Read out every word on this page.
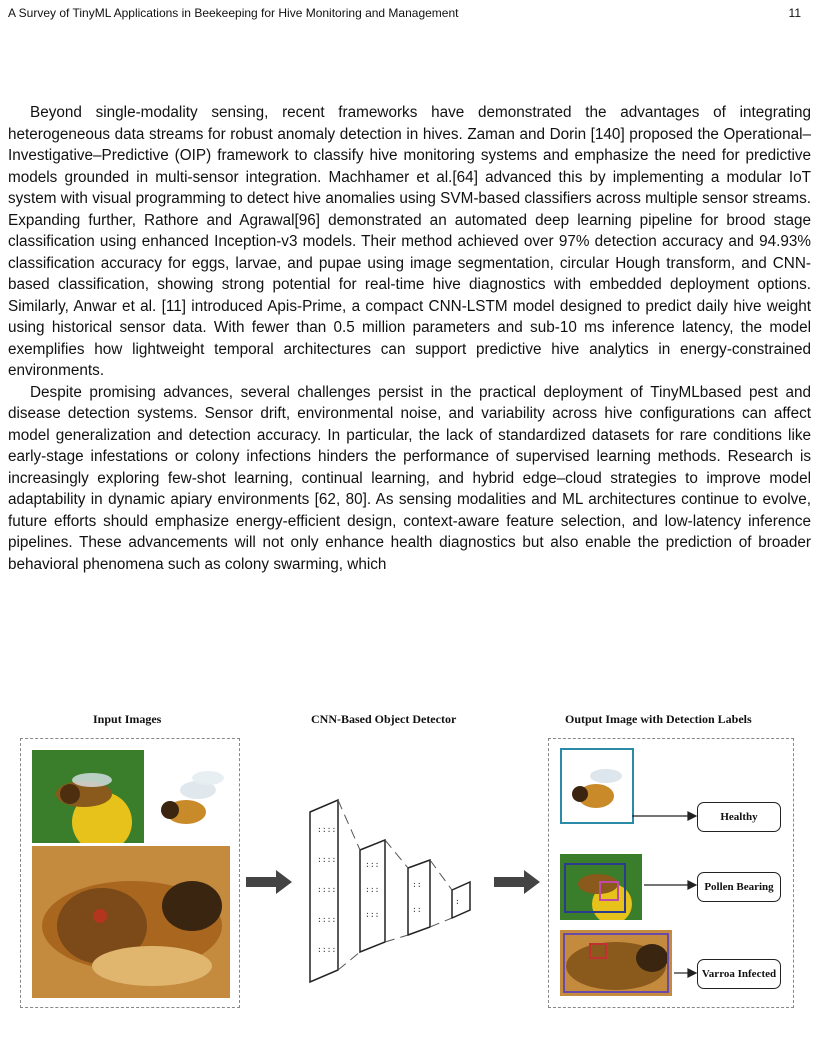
A Survey of TinyML Applications in Beekeeping for Hive Monitoring and Management	11

Beyond single-modality sensing, recent frameworks have demonstrated the advantages of integrating heterogeneous data streams for robust anomaly detection in hives. Zaman and Dorin [140] proposed the Operational–Investigative–Predictive (OIP) framework to classify hive monitoring systems and emphasize the need for predictive models grounded in multi-sensor integration. Machhamer et al.[64] advanced this by implementing a modular IoT system with visual programming to detect hive anomalies using SVM-based classifiers across multiple sensor streams. Expanding further, Rathore and Agrawal[96] demonstrated an automated deep learning pipeline for brood stage classification using enhanced Inception-v3 models. Their method achieved over 97% detection accuracy and 94.93% classification accuracy for eggs, larvae, and pupae using image segmentation, circular Hough transform, and CNN-based classification, showing strong potential for real-time hive diagnostics with embedded deployment options. Similarly, Anwar et al. [11] introduced Apis-Prime, a compact CNN-LSTM model designed to predict daily hive weight using historical sensor data. With fewer than 0.5 million parameters and sub-10 ms inference latency, the model exemplifies how lightweight temporal architectures can support predictive hive analytics in energy-constrained environments.

Despite promising advances, several challenges persist in the practical deployment of TinyMLbased pest and disease detection systems. Sensor drift, environmental noise, and variability across hive configurations can affect model generalization and detection accuracy. In particular, the lack of standardized datasets for rare conditions like early-stage infestations or colony infections hinders the performance of supervised learning methods. Research is increasingly exploring few-shot learning, continual learning, and hybrid edge–cloud strategies to improve model adaptability in dynamic apiary environments [62, 80]. As sensing modalities and ML architectures continue to evolve, future efforts should emphasize energy-efficient design, context-aware feature selection, and low-latency inference pipelines. These advancements will not only enhance health diagnostics but also enable the prediction of broader behavioral phenomena such as colony swarming, which

Input Images	CNN-Based Object Detector	Output Image with Detection Labels
::::
::::
::::
::::
::::
:::
:::
:::
::
::
:
Healthy
Pollen Bearing
Varroa Infected
